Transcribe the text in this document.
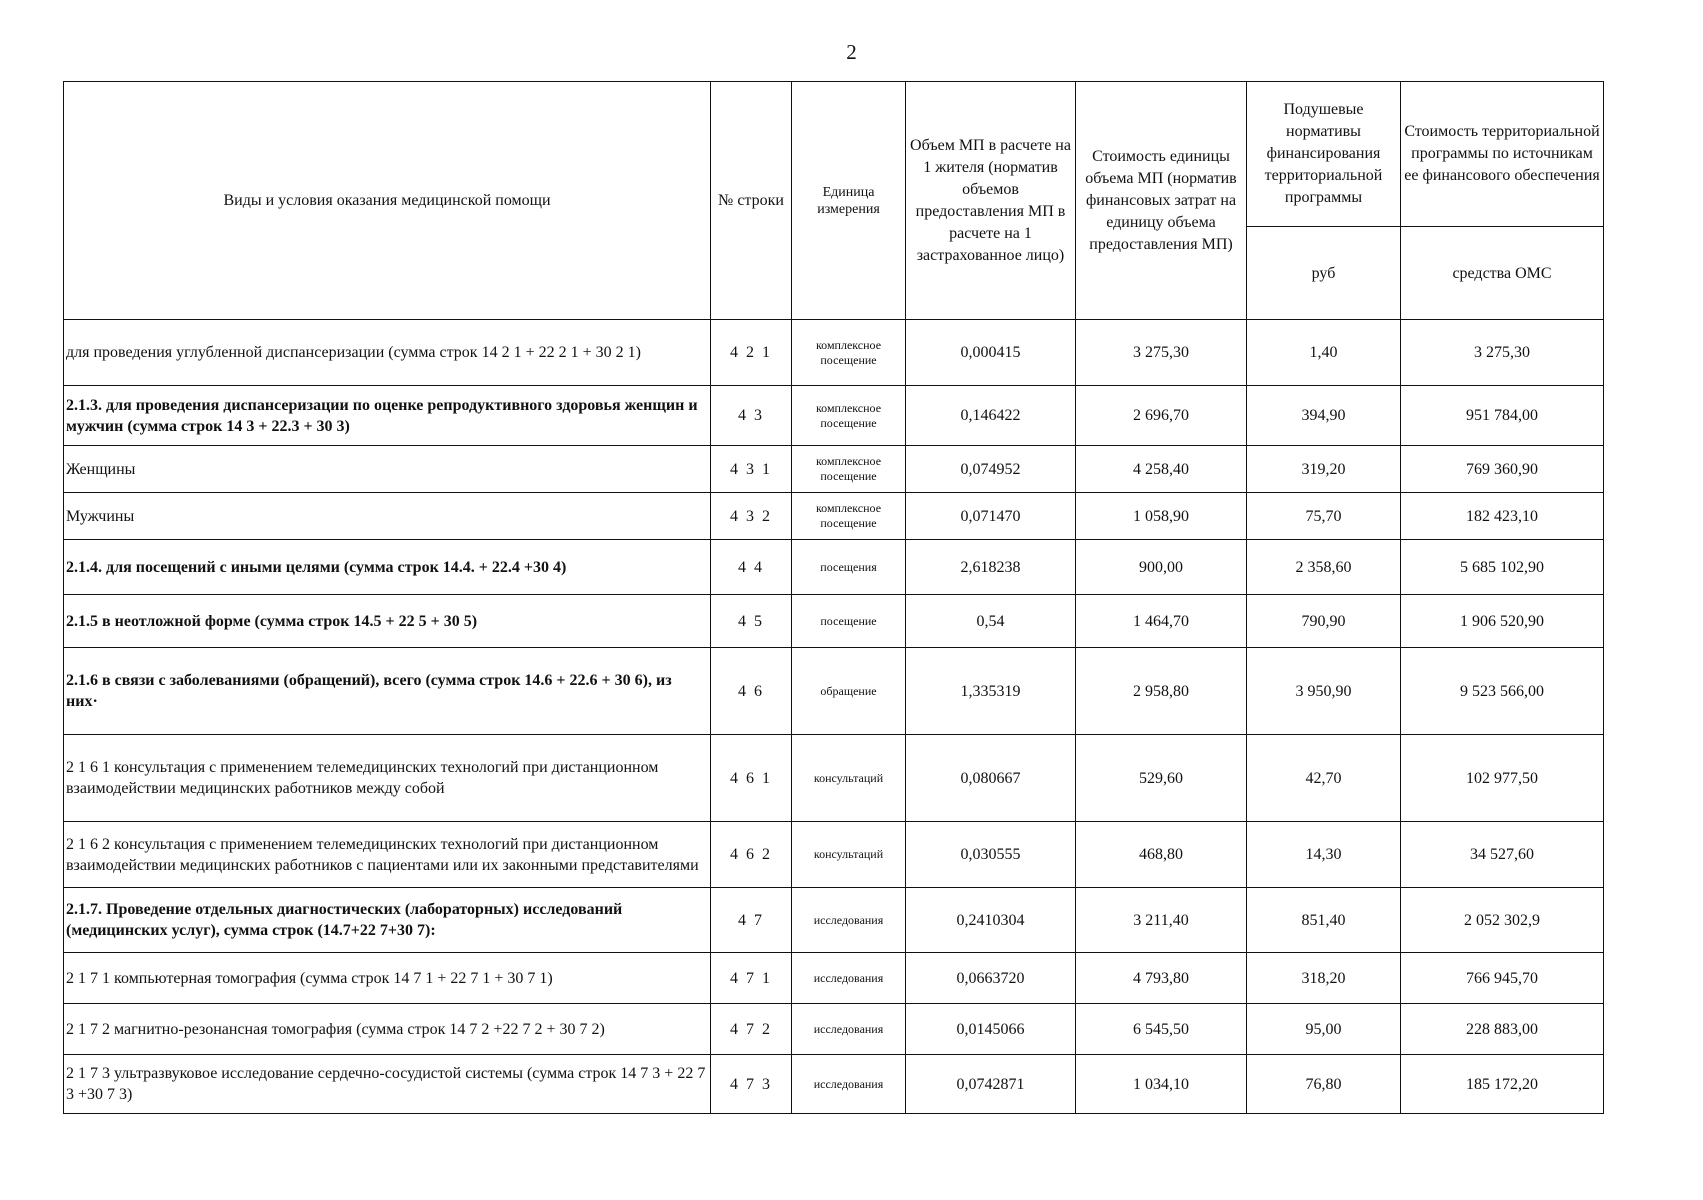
2
Виды и условия оказания медицинской помощи	№ строки	Единица измерения	Объем МП в расчете на 1 жителя (норматив объемов предоставления МП в расчете на 1 застрахованное лицо)	Стоимость единицы объема МП (норматив финансовых затрат на единицу объема предоставления МП)	Подушевые нормативы финансирования территориальной программы	Стоимость территориальной программы по источникам ее финансового обеспечения
					руб	средства ОМС
для проведения углубленной диспансеризации (сумма строк 14 2 1 + 22 2 1 + 30 2 1)	4 2 1	комплексное посещение	0,000415	3 275,30	1,40	3 275,30
2.1.3. для проведения диспансеризации по оценке репродуктивного здоровья женщин и мужчин (сумма строк 14 3 + 22.3 + 30 3)	4 3	комплексное посещение	0,146422	2 696,70	394,90	951 784,00
Женщины	4 3 1	комплексное посещение	0,074952	4 258,40	319,20	769 360,90
Мужчины	4 3 2	комплексное посещение	0,071470	1 058,90	75,70	182 423,10
2.1.4. для посещений с иными целями (сумма строк 14.4. + 22.4 +30 4)	4 4	посещения	2,618238	900,00	2 358,60	5 685 102,90
2.1.5 в неотложной форме (сумма строк 14.5 + 22 5 + 30 5)	4 5	посещение	0,54	1 464,70	790,90	1 906 520,90
2.1.6 в связи с заболеваниями (обращений), всего (сумма строк 14.6 + 22.6 + 30 6), из них·	4 6	обращение	1,335319	2 958,80	3 950,90	9 523 566,00
2 1 6 1 консультация с применением телемедицинских технологий при дистанционном взаимодействии медицинских работников между собой	4 6 1	консультаций	0,080667	529,60	42,70	102 977,50
2 1 6 2 консультация с применением телемедицинских технологий при дистанционном взаимодействии медицинских работников с пациентами или их законными представителями	4 6 2	консультаций	0,030555	468,80	14,30	34 527,60
2.1.7. Проведение отдельных диагностических (лабораторных) исследований (медицинских услуг), сумма строк (14.7+22 7+30 7):	4 7	исследования	0,2410304	3 211,40	851,40	2 052 302,9
2 1 7 1 компьютерная томография (сумма строк 14 7 1 + 22 7 1 + 30 7 1)	4 7 1	исследования	0,0663720	4 793,80	318,20	766 945,70
2 1 7 2 магнитно-резонансная томография (сумма строк 14 7 2 +22 7 2 + 30 7 2)	4 7 2	исследования	0,0145066	6 545,50	95,00	228 883,00
2 1 7 3 ультразвуковое исследование сердечно-сосудистой системы (сумма строк 14 7 3 + 22 7 3 +30 7 3)	4 7 3	исследования	0,0742871	1 034,10	76,80	185 172,20
